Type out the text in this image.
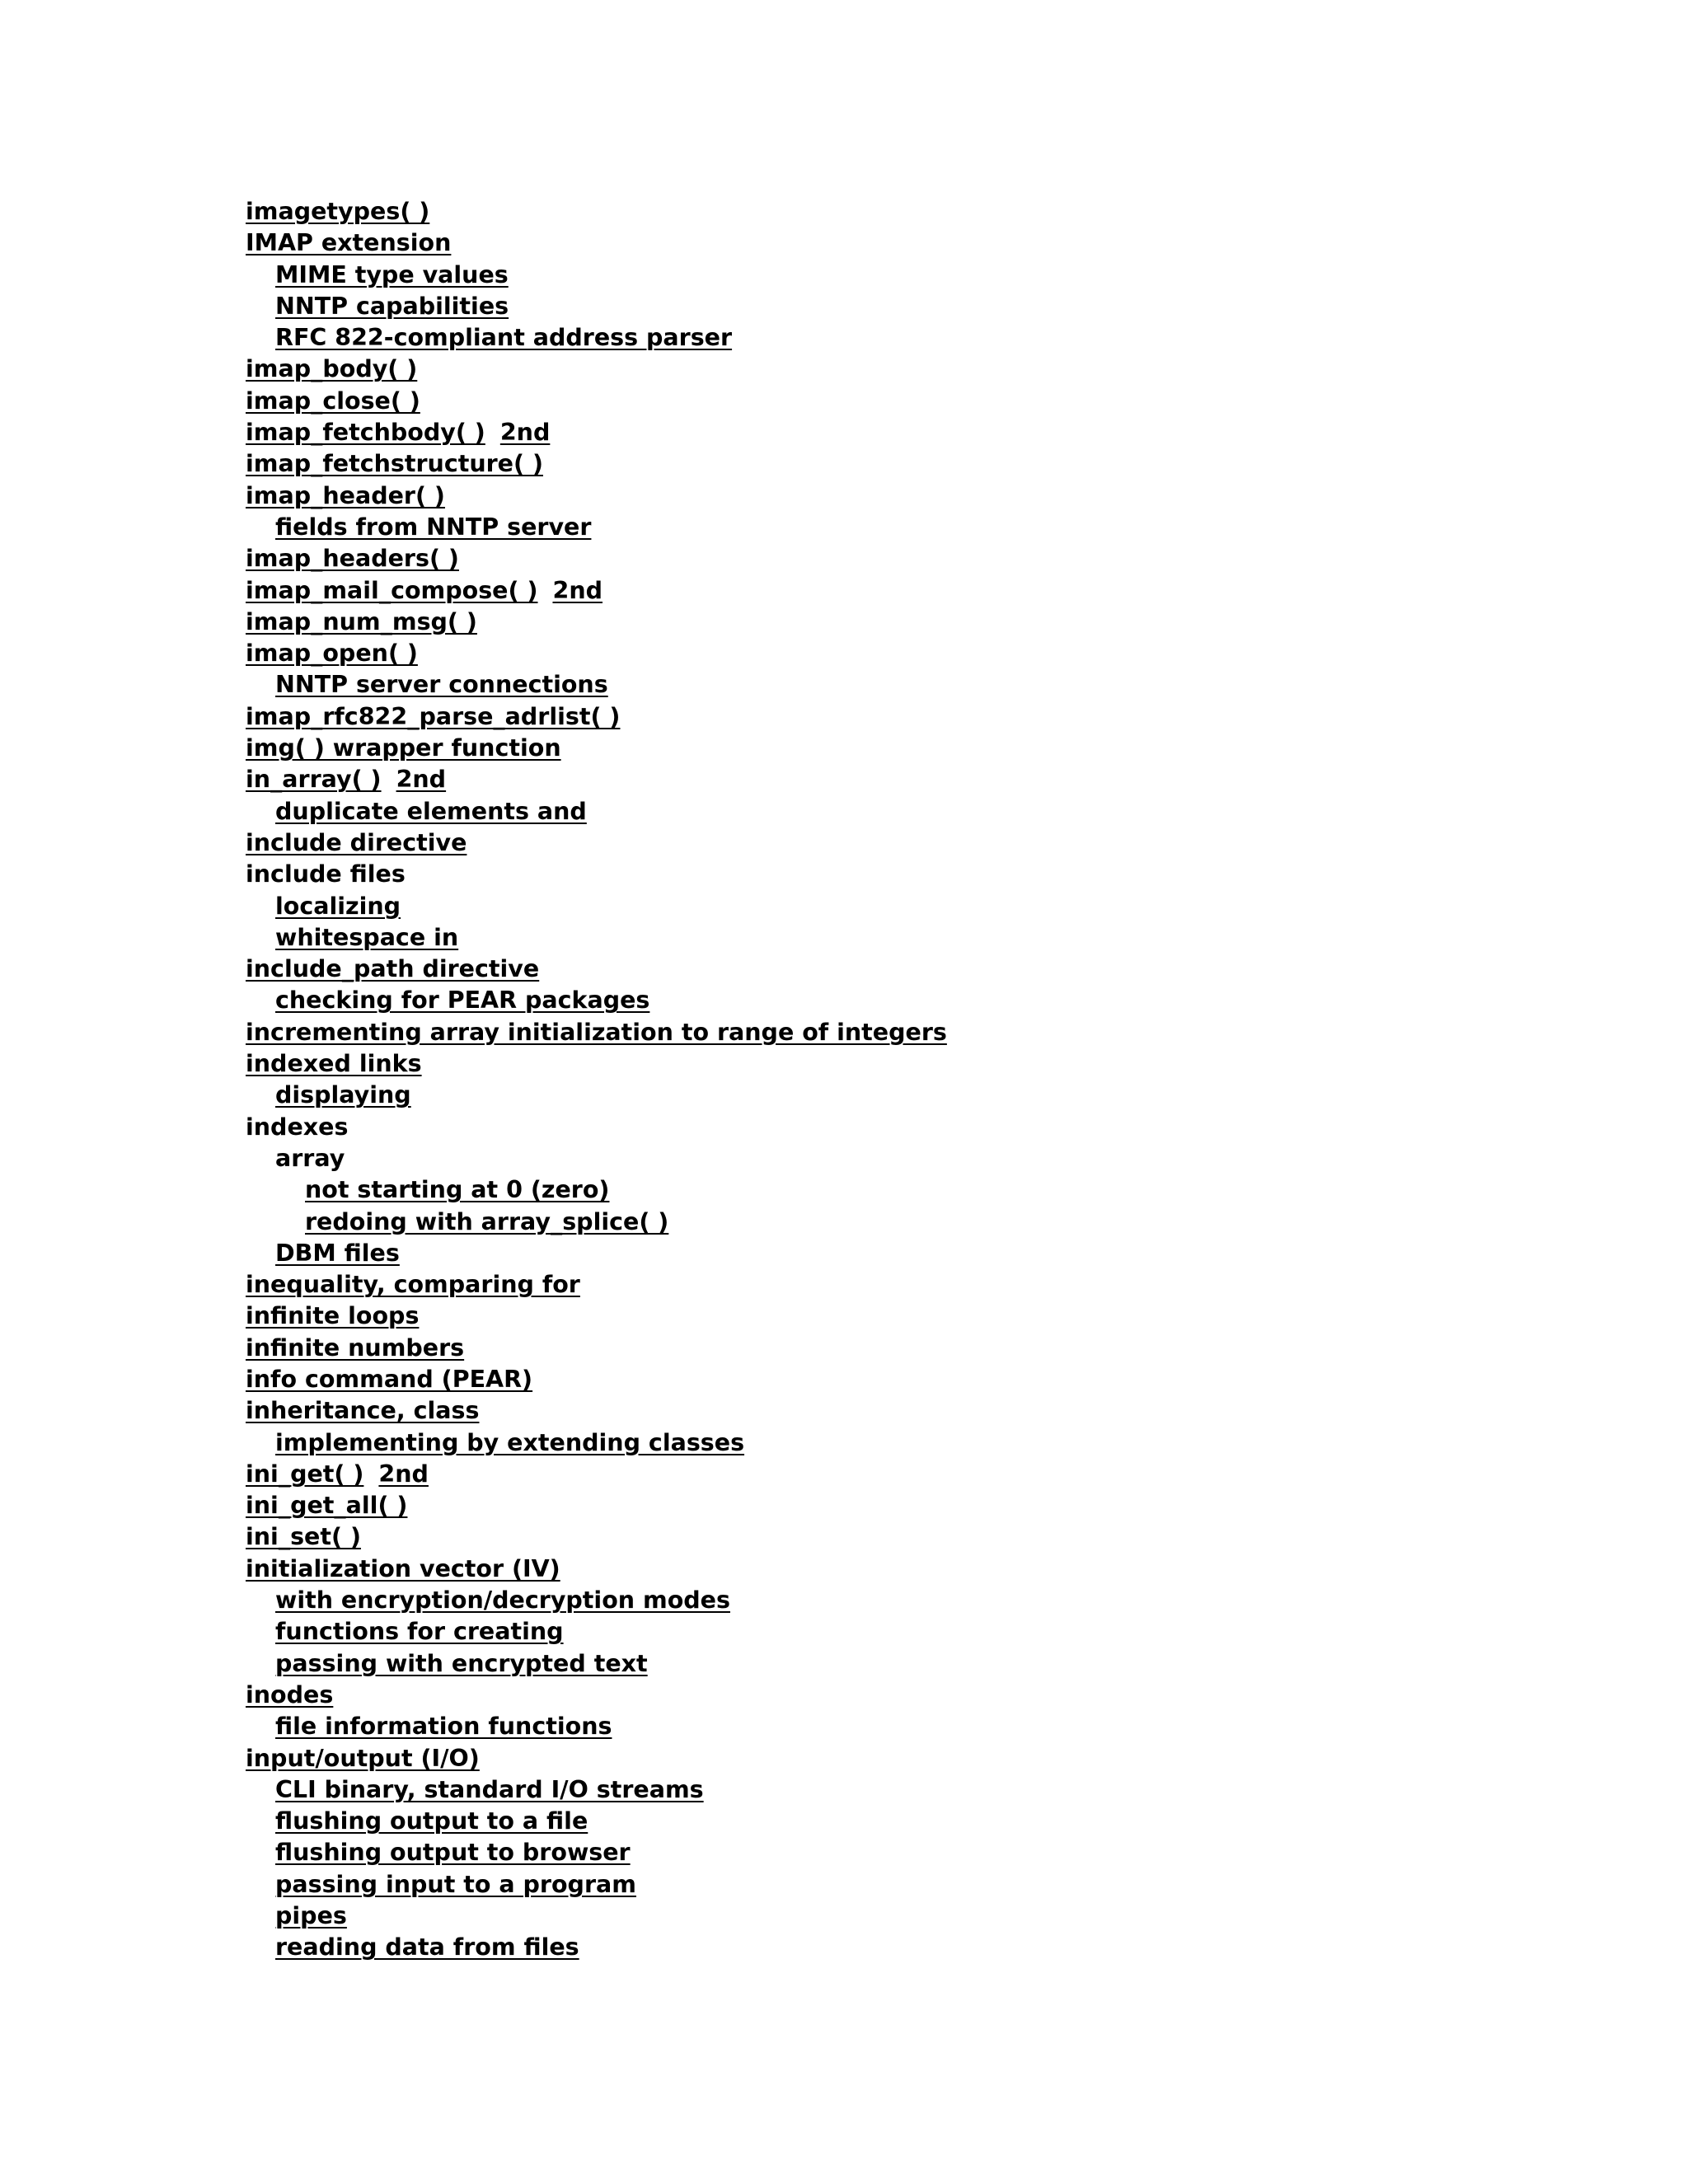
imagetypes( )
IMAP extension
MIME type values
NNTP capabilities
RFC 822-compliant address parser
imap_body( )
imap_close( )
imap_fetchbody( ) 2nd
imap_fetchstructure( )
imap_header( )
fields from NNTP server
imap_headers( )
imap_mail_compose( ) 2nd
imap_num_msg( )
imap_open( )
NNTP server connections
imap_rfc822_parse_adrlist( )
img( ) wrapper function
in_array( ) 2nd
duplicate elements and
include directive
include files
localizing
whitespace in
include_path directive
checking for PEAR packages
incrementing array initialization to range of integers
indexed links
displaying
indexes
array
not starting at 0 (zero)
redoing with array_splice( )
DBM files
inequality, comparing for
infinite loops
infinite numbers
info command (PEAR)
inheritance, class
implementing by extending classes
ini_get( ) 2nd
ini_get_all( )
ini_set( )
initialization vector (IV)
with encryption/decryption modes
functions for creating
passing with encrypted text
inodes
file information functions
input/output (I/O)
CLI binary, standard I/O streams
flushing output to a file
flushing output to browser
passing input to a program
pipes
reading data from files
